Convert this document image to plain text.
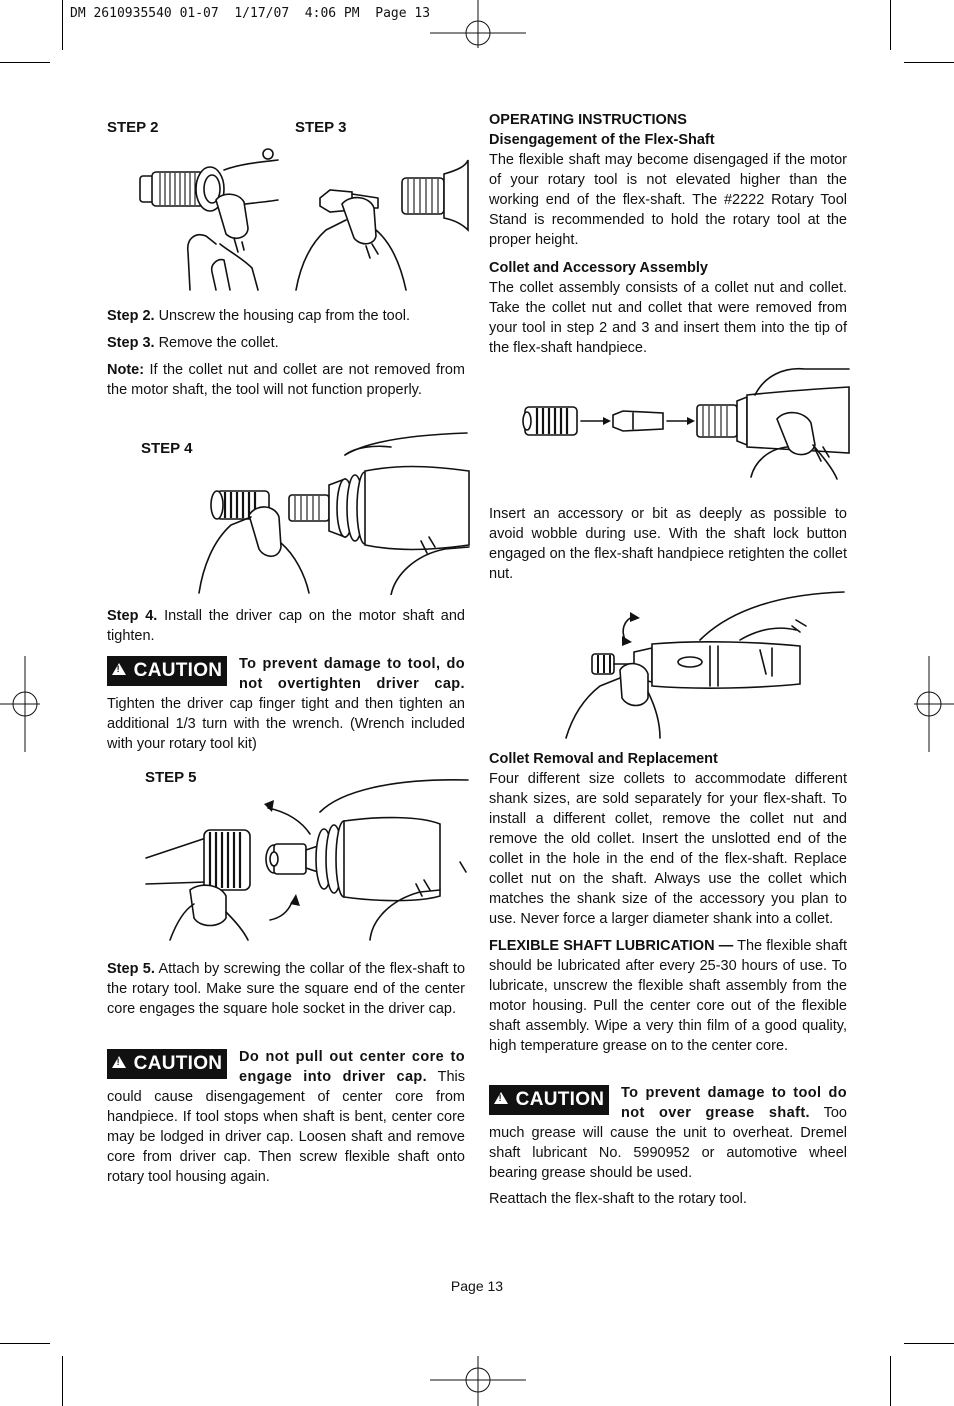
DM 2610935540 01-07  1/17/07  4:06 PM  Page 13
STEP 2	STEP 3

Step 2. Unscrew the housing cap from the tool.

Step 3. Remove the collet.

Note: If the collet nut and collet are not removed from the motor shaft, the tool will not function properly.

STEP 4

Step 4. Install the driver cap on the motor shaft and tighten.

!CAUTION	To prevent damage to tool, do not overtighten driver cap. Tighten the driver cap finger tight and then tighten an additional 1/3 turn with the wrench. (Wrench included with your rotary tool kit)

STEP 5

Step 5. Attach by screwing the collar of the flex-shaft to the rotary tool. Make sure the square end of the center core engages the square hole socket in the driver cap.

!CAUTION	Do not pull out center core to engage into driver cap. This could cause disengagement of center core from handpiece. If tool stops when shaft is bent, center core may be lodged in driver cap. Loosen shaft and remove core from driver cap. Then screw flexible shaft onto rotary tool housing again.

OPERATING INSTRUCTIONS
Disengagement of the Flex-Shaft

The flexible shaft may become disengaged if the motor of your rotary tool is not elevated higher than the working end of the flex-shaft. The #2222 Rotary Tool Stand is recommended to hold the rotary tool at the proper height.

Collet and Accessory Assembly

The collet assembly consists of a collet nut and collet. Take the collet nut and collet that were removed from your tool in step 2 and 3 and insert them into the tip of the flex-shaft handpiece.

Insert an accessory or bit as deeply as possible to avoid wobble during use. With the shaft lock button engaged on the flex-shaft handpiece retighten the collet nut.

Collet Removal and Replacement

Four different size collets to accommodate different shank sizes, are sold separately for your flex-shaft. To install a different collet, remove the collet nut and remove the old collet. Insert the unslotted end of the collet in the hole in the end of the flex-shaft. Replace collet nut on the shaft. Always use the collet which matches the shank size of the accessory you plan to use. Never force a larger diameter shank into a collet.

FLEXIBLE SHAFT LUBRICATION — The flexible shaft should be lubricated after every 25-30 hours of use. To lubricate, unscrew the flexible shaft assembly from the motor housing. Pull the center core out of the flexible shaft assembly. Wipe a very thin film of a good quality, high temperature grease on to the center core.

!CAUTION	To prevent damage to tool do not over grease shaft. Too much grease will cause the unit to overheat. Dremel shaft lubricant No. 5990952 or automotive wheel bearing grease should be used.

Reattach the flex-shaft to the rotary tool.

Page 13
